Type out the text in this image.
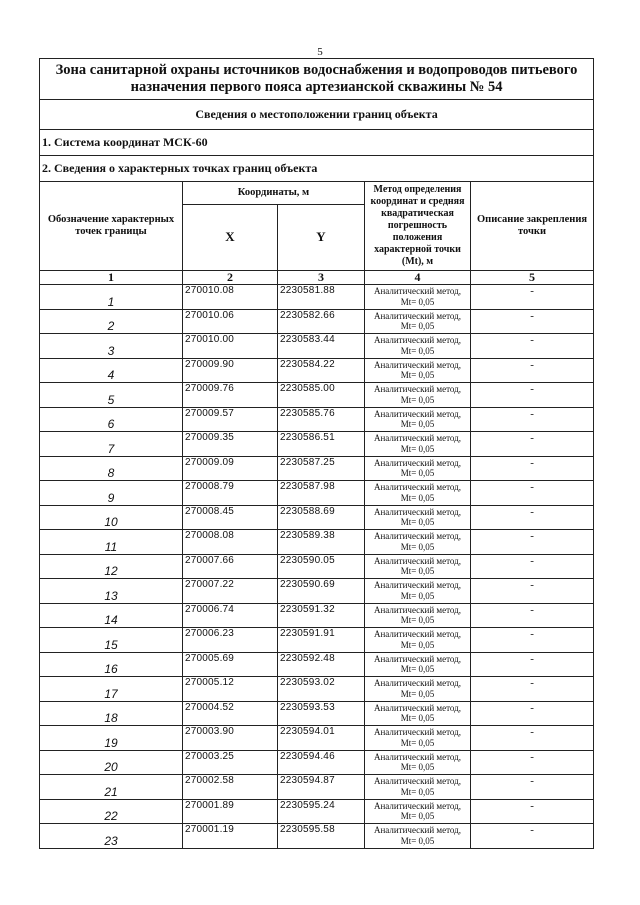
5
Зона санитарной охраны источников водоснабжения и водопроводов питьевого назначения первого пояса артезианской скважины № 54				
Сведения о местоположении границ объекта				
1. Система координат МСК-60				
2. Сведения о характерных точках границ объекта				
Обозначение характерных точек границы	Координаты, м		Метод определения координат и средняя квадратическая погрешность положения характерной точки (Mt), м	Описание закрепления точки
	X	Y		
1	2	3	4	5
1	270010.08	2230581.88	Аналитический метод,
Mt= 0,05	-
2	270010.06	2230582.66	Аналитический метод,
Mt= 0,05	-
3	270010.00	2230583.44	Аналитический метод,
Mt= 0,05	-
4	270009.90	2230584.22	Аналитический метод,
Mt= 0,05	-
5	270009.76	2230585.00	Аналитический метод,
Mt= 0,05	-
6	270009.57	2230585.76	Аналитический метод,
Mt= 0,05	-
7	270009.35	2230586.51	Аналитический метод,
Mt= 0,05	-
8	270009.09	2230587.25	Аналитический метод,
Mt= 0,05	-
9	270008.79	2230587.98	Аналитический метод,
Mt= 0,05	-
10	270008.45	2230588.69	Аналитический метод,
Mt= 0,05	-
11	270008.08	2230589.38	Аналитический метод,
Mt= 0,05	-
12	270007.66	2230590.05	Аналитический метод,
Mt= 0,05	-
13	270007.22	2230590.69	Аналитический метод,
Mt= 0,05	-
14	270006.74	2230591.32	Аналитический метод,
Mt= 0,05	-
15	270006.23	2230591.91	Аналитический метод,
Mt= 0,05	-
16	270005.69	2230592.48	Аналитический метод,
Mt= 0,05	-
17	270005.12	2230593.02	Аналитический метод,
Mt= 0,05	-
18	270004.52	2230593.53	Аналитический метод,
Mt= 0,05	-
19	270003.90	2230594.01	Аналитический метод,
Mt= 0,05	-
20	270003.25	2230594.46	Аналитический метод,
Mt= 0,05	-
21	270002.58	2230594.87	Аналитический метод,
Mt= 0,05	-
22	270001.89	2230595.24	Аналитический метод,
Mt= 0,05	-
23	270001.19	2230595.58	Аналитический метод,
Mt= 0,05	-
